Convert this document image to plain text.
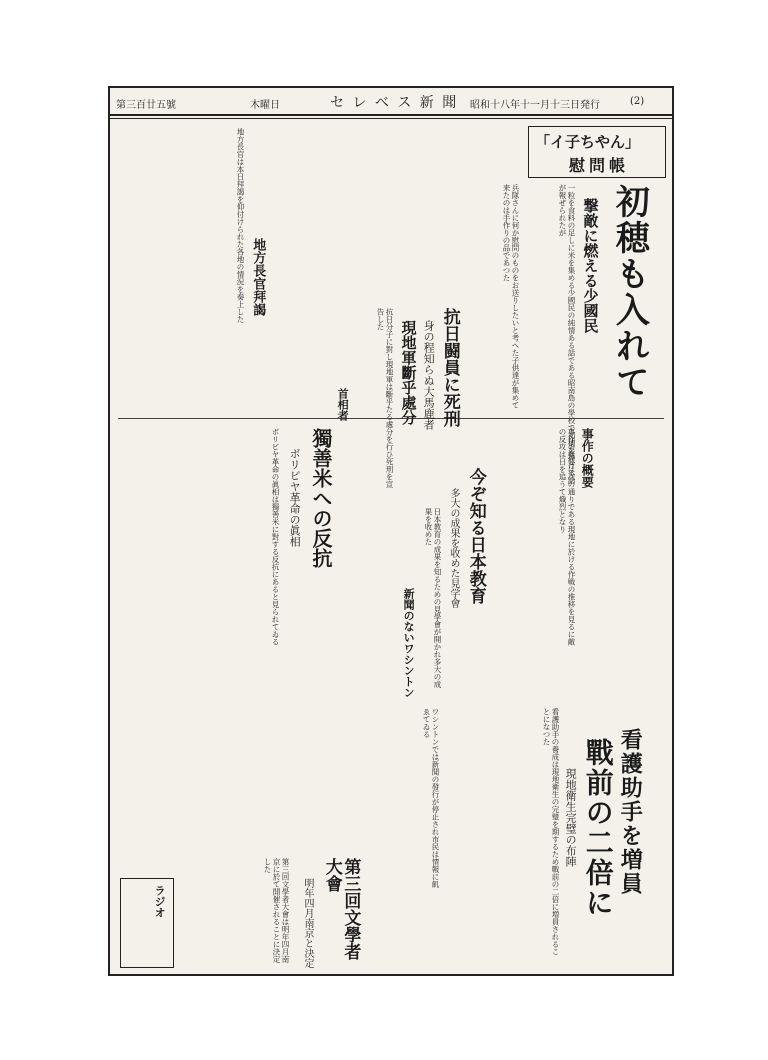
(2)
昭和十八年十一月十三日発行
セ レ ベ ス 新 聞
木曜日
第三百廿五號
「イ子ちやん」
慰問帳
初穂も入れて
撃敵に燃える少國民
一粒を食料の足しに米を集める少國民の純情ある話である昭南島の學校で初穂を捧げる話が報ぜられたが
兵隊さんに何か慰問のものをお送りしたいと考へた子供達が集めて来たのは手作りの品であつた
抗日闘員に死刑
身の程知らぬ大馬鹿者
現地軍斷乎處分
抗日分子に對し現地軍は斷乎たる處分を行ひ死刑を宣告した
地方長官拜謁
地方長官は本日拜謁を仰付けられた各地の情況を奏上した
事作の概要
事作の概要は次の通りである現地に於ける作戦の推移を見るに敵の反攻は日を追うて熾烈となり
今ぞ知る日本教育
多大の成果を收めた見学會
日本教育の成果を知るための見學會が開かれ多大の成果を收めた
獨善米への反抗
ボリビヤ革命の眞相
ボリビヤ革命の眞相は獨善米に對する反抗にあると見られてゐる
首相者
新聞のないワシントン
ワシントンでは新聞の發行が停止され市民は情報に飢ゑてゐる
看護助手を増員
戰前の二倍に
現地衛生完璧の布陣
看護助手の養成は現地衛生の完璧を期するため戰前の二倍に増員されることになつた
第三回文學者大會
明年四月南京と決定
第三回文學者大會は明年四月南京に於て開催されることに決定した
ラジオ
